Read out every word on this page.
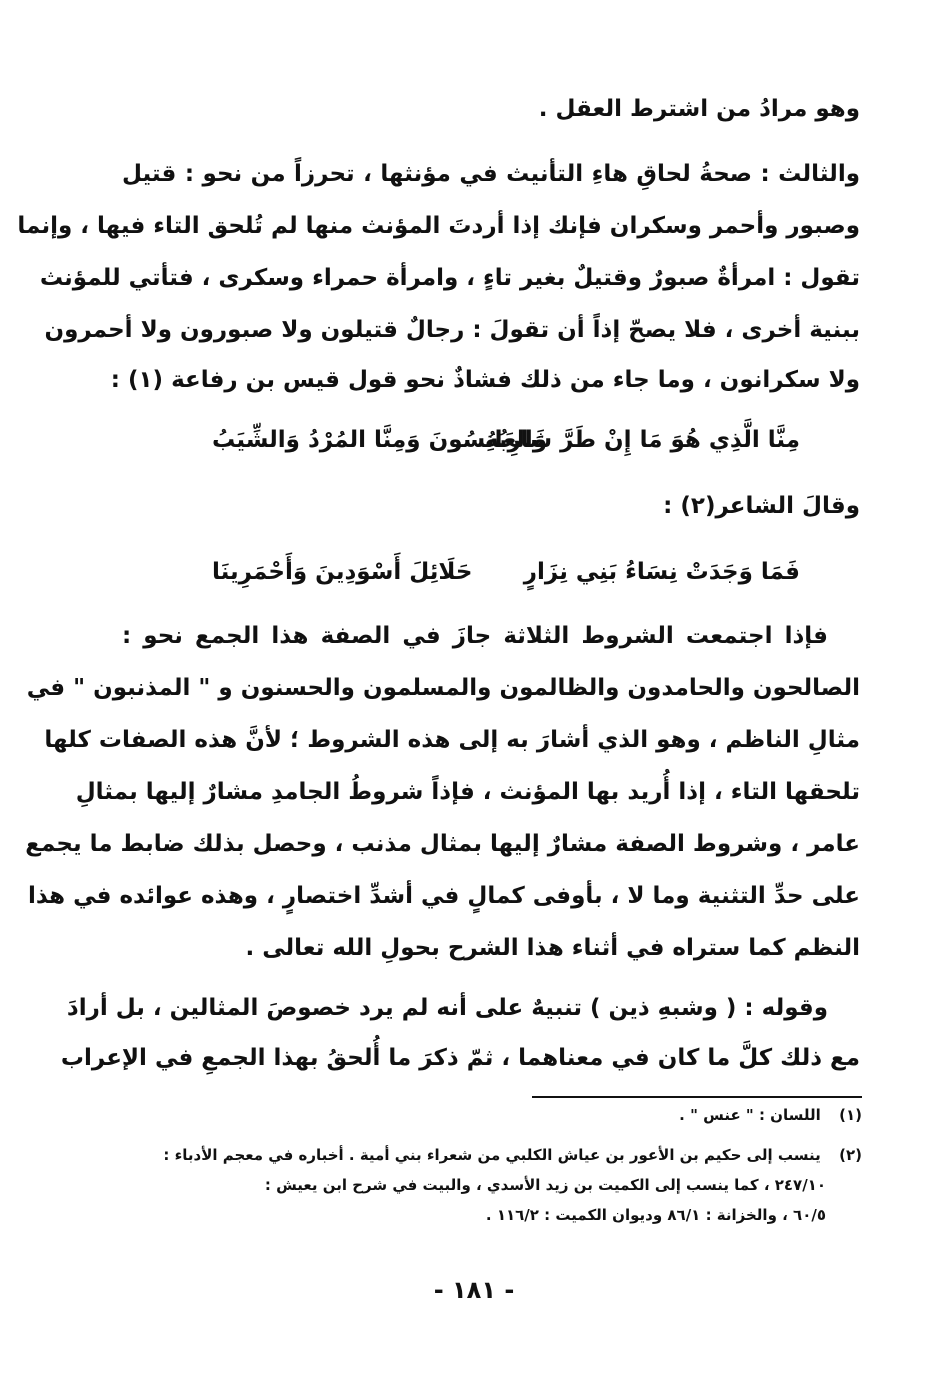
وهو مرادُ من اشترط العقل .
والثالث : صحةُ لحاقِ هاءِ التأنيث في مؤنثها ، تحرزاً من نحو : قتيل
وصبور وأحمر وسكران فإنك إذا أردتَ المؤنث منها لم تُلحق التاء فيها ، وإنما
تقول : امرأةٌ صبورٌ وقتيلٌ بغير تاءٍ ، وامرأة حمراء وسكرى ، فتأتي للمؤنث
ببنية أخرى ، فلا يصحّ إذاً أن تقولَ : رجالٌ قتيلون ولا صبورون ولا أحمرون
ولا سكرانون ، وما جاء من ذلك فشاذٌ نحو قول قيس بن رفاعة (١) :
مِنَّا الَّذِي هُوَ مَا إِنْ طَرَّ شَارِبُهُ
وَالعَانِسُونَ وَمِنَّا المُرْدُ وَالشِّيَبُ
وقالَ الشاعر(٢) :
فَمَا وَجَدَتْ نِسَاءُ بَنِي نِزَارٍ
حَلَائِلَ أَسْوَدِينَ وَأَحْمَرِينَا
فإذا اجتمعت الشروط الثلاثة جازَ في الصفة هذا الجمع نحو :
الصالحون والحامدون والظالمون والمسلمون والحسنون و " المذنبون " في
مثالِ الناظم ، وهو الذي أشارَ به إلى هذه الشروط ؛ لأنَّ هذه الصفات كلها
تلحقها التاء ، إذا أُريد بها المؤنث ، فإذاً شروطُ الجامدِ مشارٌ إليها بمثالِ
عامر ، وشروط الصفة مشارٌ إليها بمثال مذنب ، وحصل بذلك ضابط ما يجمع
على حدِّ التثنية وما لا ، بأوفى كمالٍ في أشدِّ اختصارٍ ، وهذه عوائده في هذا
النظم كما ستراه في أثناء هذا الشرح بحولِ الله تعالى .
وقوله : ( وشبهِ ذين ) تنبيهٌ على أنه لم يرد خصوصَ المثالين ، بل أرادَ
مع ذلك كلَّ ما كان في معناهما ، ثمّ ذكرَ ما أُلحقُ بهذا الجمعِ في الإعراب
(١) اللسان : " عنس " .
(٢) ينسب إلى حكيم بن الأعور بن عياش الكلبي من شعراء بني أمية . أخباره في معجم الأدباء :
٢٤٧/١٠ ، كما ينسب إلى الكميت بن زيد الأسدي ، والبيت في شرح ابن يعيش :
٦٠/٥ ، والخزانة : ٨٦/١ وديوان الكميت : ١١٦/٢ .
- ١٨١ -
